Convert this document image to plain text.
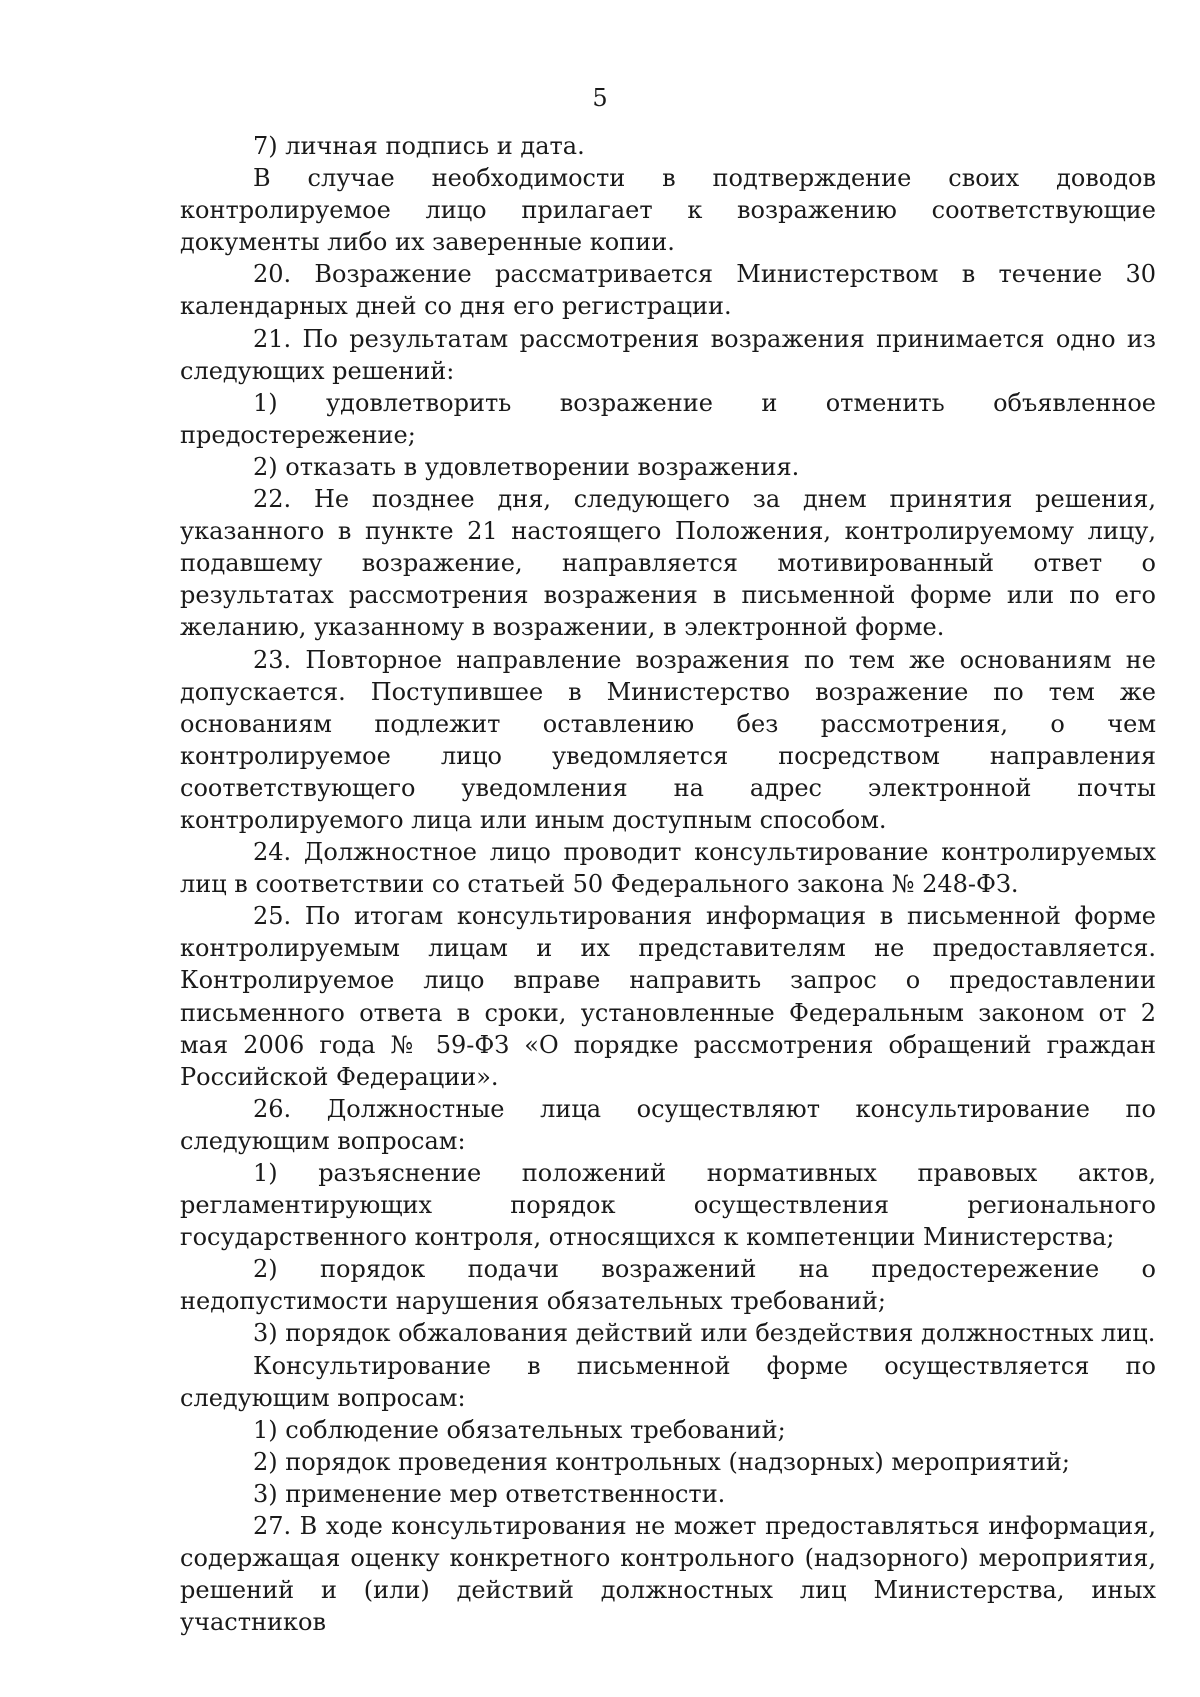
5

7) личная подпись и дата.

В случае необходимости в подтверждение своих доводов контролируемое лицо прилагает к возражению соответствующие документы либо их заверенные копии.

20. Возражение рассматривается Министерством в течение 30 календарных дней со дня его регистрации.

21. По результатам рассмотрения возражения принимается одно из следующих решений:

1) удовлетворить возражение и отменить объявленное предостережение;

2) отказать в удовлетворении возражения.

22. Не позднее дня, следующего за днем принятия решения, указанного в пункте 21 настоящего Положения, контролируемому лицу, подавшему возражение, направляется мотивированный ответ о результатах рассмотрения возражения в письменной форме или по его желанию, указанному в возражении, в электронной форме.

23. Повторное направление возражения по тем же основаниям не допускается. Поступившее в Министерство возражение по тем же основаниям подлежит оставлению без рассмотрения, о чем контролируемое лицо уведомляется посредством направления соответствующего уведомления на адрес электронной почты контролируемого лица или иным доступным способом.

24. Должностное лицо проводит консультирование контролируемых лиц в соответствии со статьей 50 Федерального закона № 248-ФЗ.

25. По итогам консультирования информация в письменной форме контролируемым лицам и их представителям не предоставляется. Контролируемое лицо вправе направить запрос о предоставлении письменного ответа в сроки, установленные Федеральным законом от 2 мая 2006 года № 59-ФЗ «О порядке рассмотрения обращений граждан Российской Федерации».

26. Должностные лица осуществляют консультирование по следующим вопросам:

1) разъяснение положений нормативных правовых актов, регламентирующих порядок осуществления регионального государственного контроля, относящихся к компетенции Министерства;

2) порядок подачи возражений на предостережение о недопустимости нарушения обязательных требований;

3) порядок обжалования действий или бездействия должностных лиц.

Консультирование в письменной форме осуществляется по следующим вопросам:

1) соблюдение обязательных требований;

2) порядок проведения контрольных (надзорных) мероприятий;

3) применение мер ответственности.

27. В ходе консультирования не может предоставляться информация, содержащая оценку конкретного контрольного (надзорного) мероприятия, решений и (или) действий должностных лиц Министерства, иных участников
